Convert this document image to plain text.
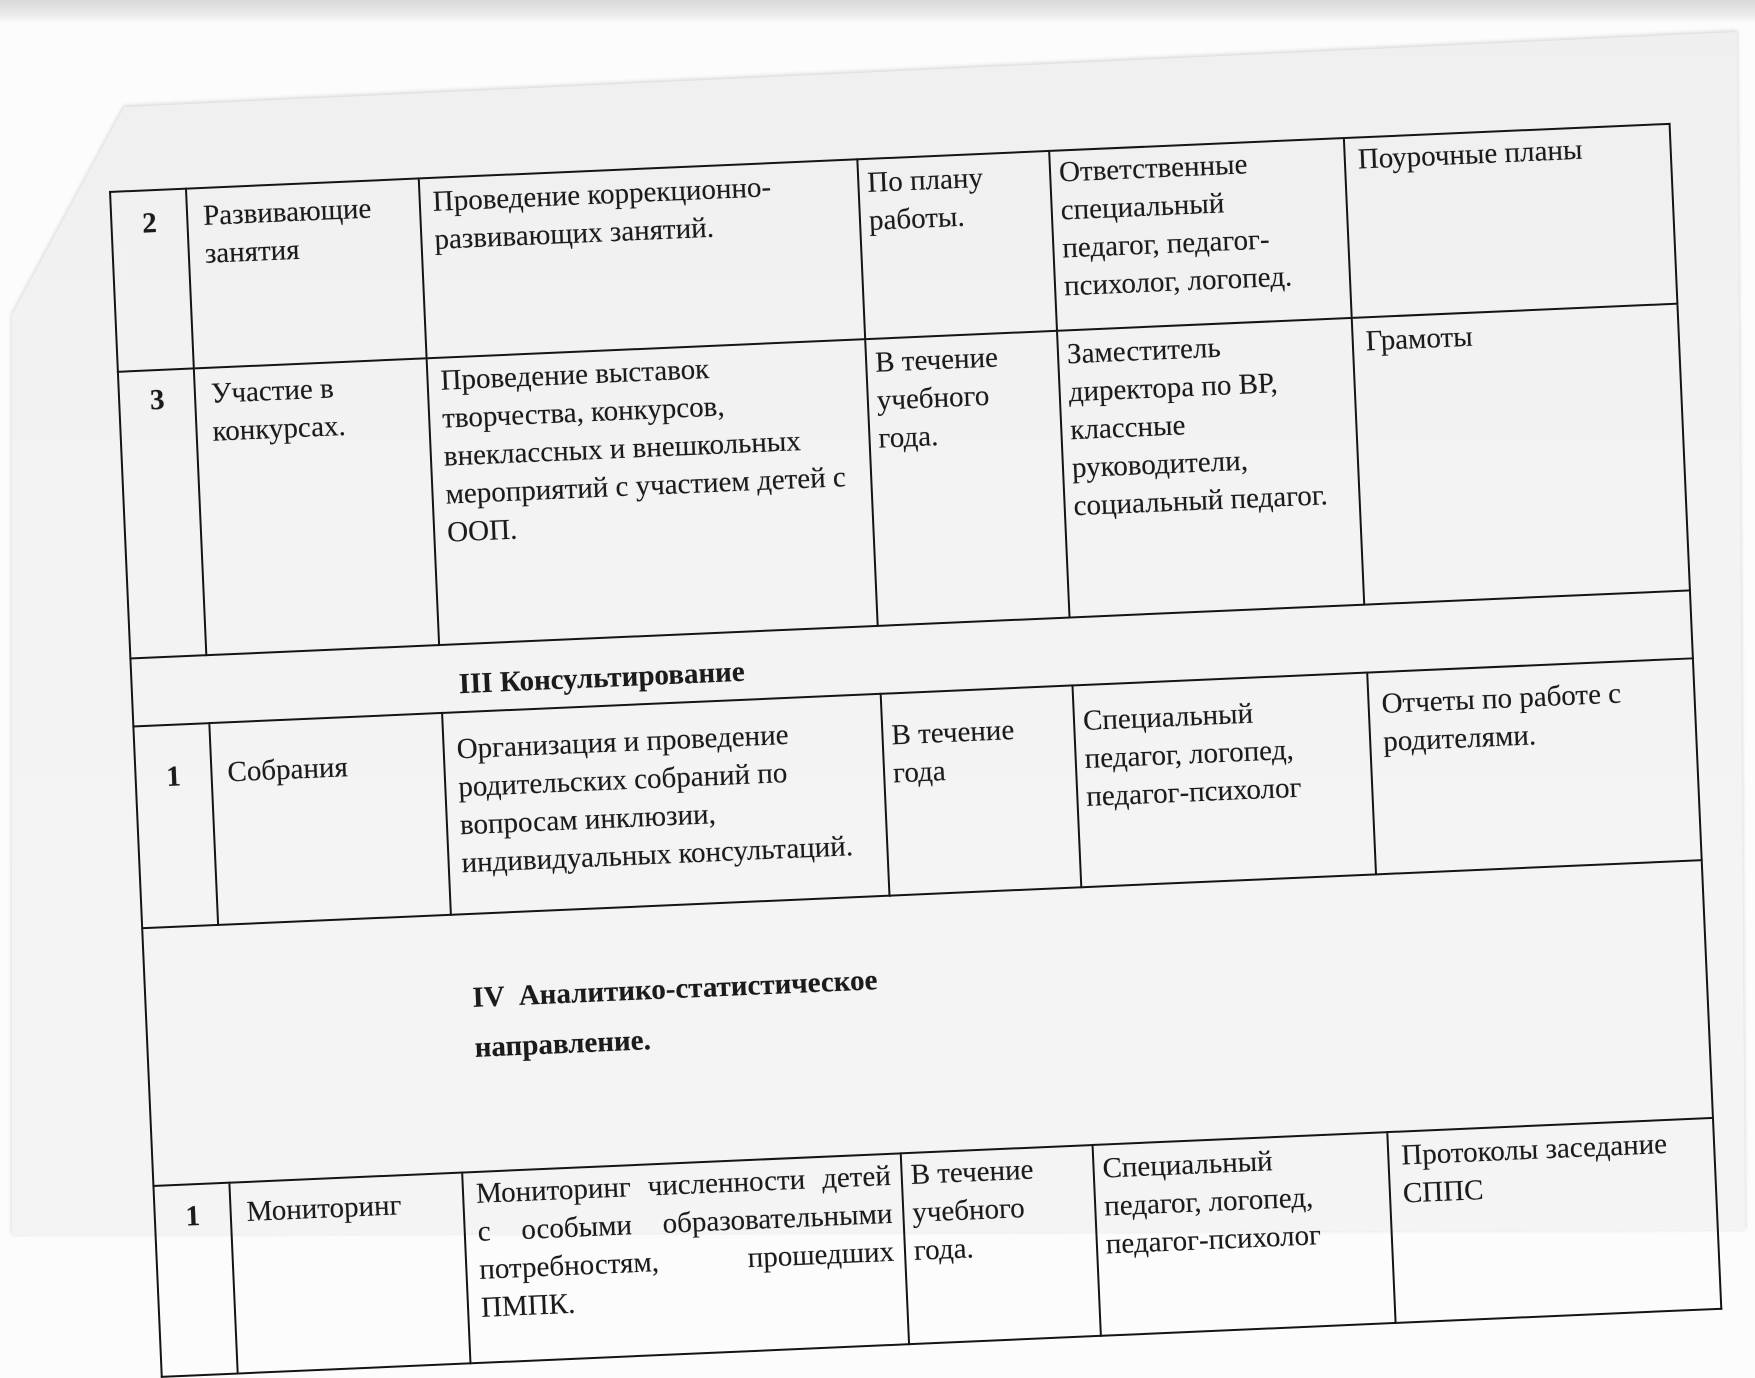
2	Развивающие
занятия	Проведение коррекционно-
развивающих занятий.	По плану
работы.	Ответственные
специальный
педагог, педагог-
психолог, логопед.	Поурочные планы
3	Участие в
конкурсах.	Проведение выставок
творчества, конкурсов,
внеклассных и внешкольных
мероприятий с участием детей с
ООП.	В течение
учебного
года.	Заместитель
директора по ВР,
классные
руководители,
социальный педагог.	Грамоты
III Консультирование					
1	Собрания	Организация и проведение
родительских собраний по
вопросам инклюзии,
индивидуальных консультаций.	В течение
года	Специальный
педагог, логопед,
педагог-психолог	Отчеты по работе с
родителями.

IV  Аналитико-статистическое
направление.					

1	Мониторинг	Мониторинг численности детей
с особыми образовательными
потребностям, прошедших
ПМПК.	В течение
учебного
года.	Специальный
педагог, логопед,
педагог-психолог	Протоколы заседание
СППС
